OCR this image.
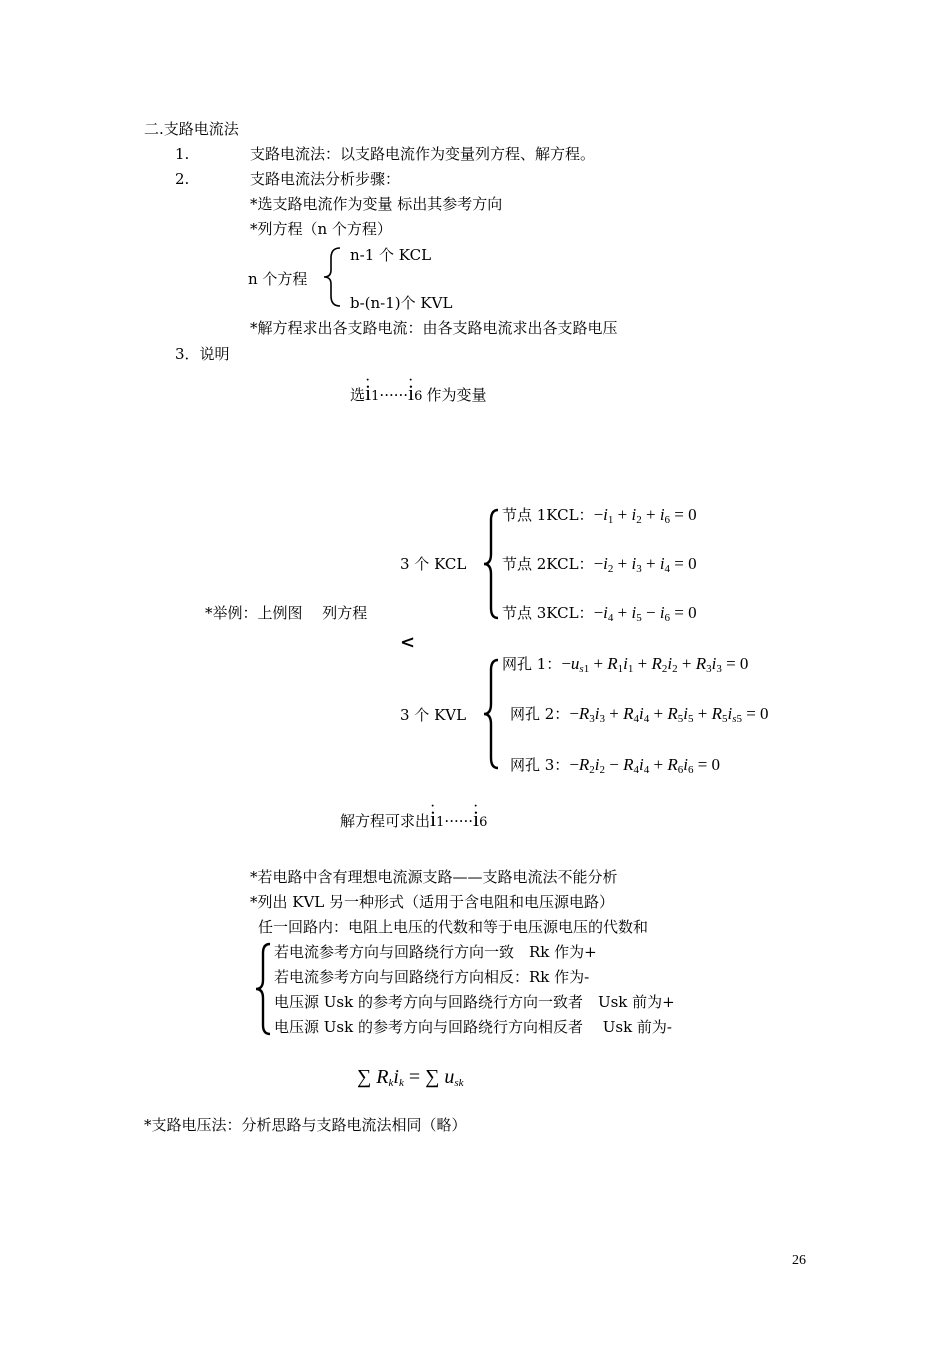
二.支路电流法
1.	支路电流法：以支路电流作为变量列方程、解方程。
2.	支路电流法分析步骤：
*选支路电流作为变量 标出其参考方向
*列方程（n 个方程）
n 个方程
n-1 个 KCL
b-(n-1)个 KVL
*解方程求出各支路电流：由各支路电流求出各支路电压
3．说明
选· i1······· i6 作为变量
*举例：上例图　 列方程
<
3 个 KCL
节点 1KCL：$-i_1 + i_2 + i_6 = 0$
节点 2KCL：$-i_2 + i_3 + i_4 = 0$
节点 3KCL：$-i_4 + i_5 - i_6 = 0$
3 个 KVL
网孔 1：$-u_{s1} + R_1i_1 + R_2i_2 + R_3i_3 = 0$
网孔 2：$-R_3i_3 + R_4i_4 + R_5i_5 + R_5i_{s5} = 0$
网孔 3：$-R_2i_2 - R_4i_4 + R_6i_6 = 0$
解方程可求出· i1······· i6
*若电路中含有理想电流源支路——支路电流法不能分析
*列出 KVL 另一种形式（适用于含电阻和电压源电路）
任一回路内：电阻上电压的代数和等于电压源电压的代数和
若电流参考方向与回路绕行方向一致　Rk 作为+
若电流参考方向与回路绕行方向相反：Rk 作为-
电压源 Usk 的参考方向与回路绕行方向一致者　Usk 前为+
电压源 Usk 的参考方向与回路绕行方向相反者　 Usk 前为-
∑ $R_ki_k$ = ∑ $u_{sk}$
*支路电压法：分析思路与支路电流法相同（略）
26
